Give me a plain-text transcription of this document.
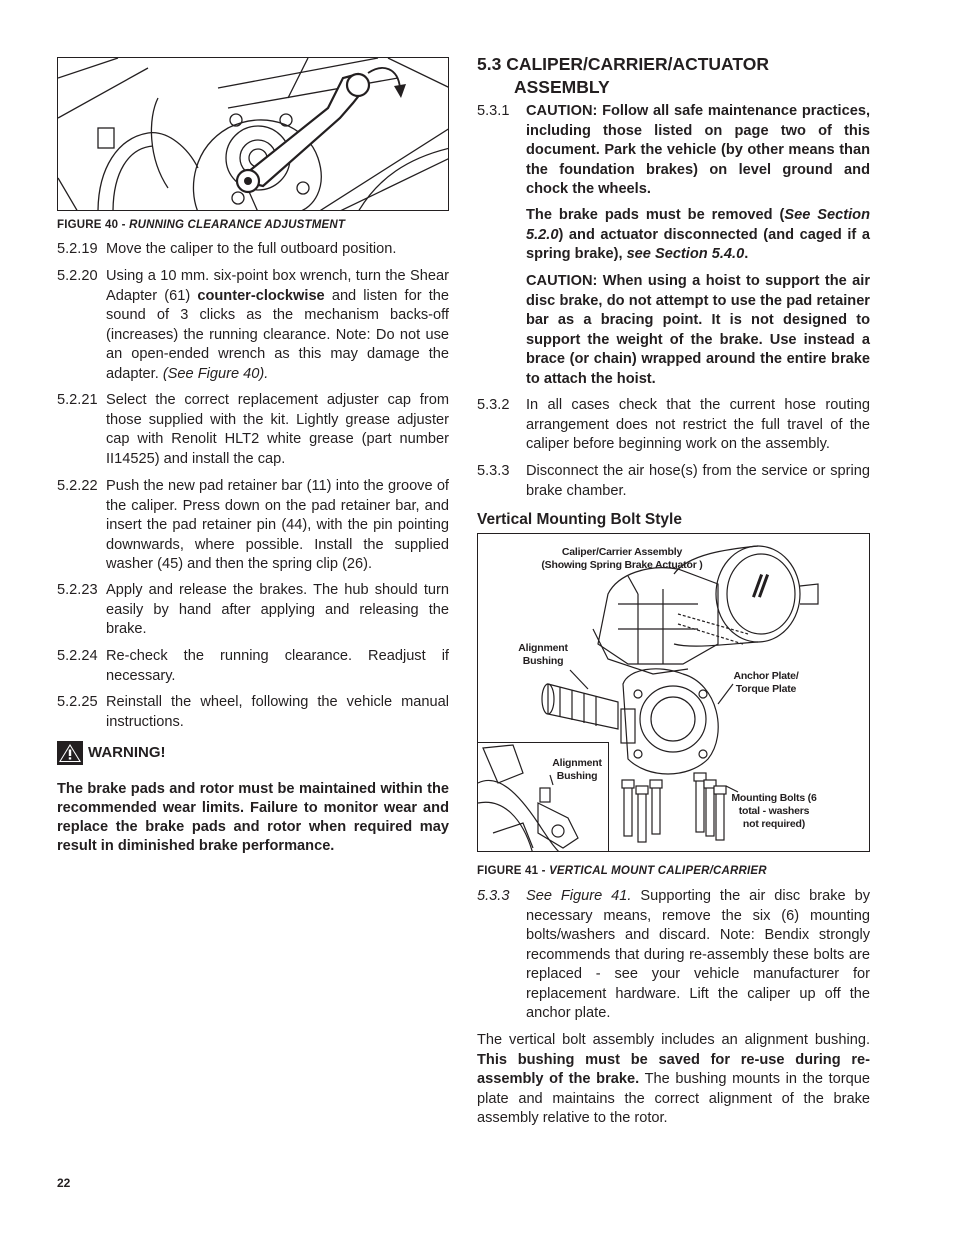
FIGURE 40 - RUNNING CLEARANCE ADJUSTMENT
5.2.19 Move the caliper to the full outboard position.
5.2.20 Using a 10 mm. six-point box wrench, turn the Shear Adapter (61) counter-clockwise and listen for the sound of 3 clicks as the mechanism backs-off (increases) the running clearance. Note: Do not use an open-ended wrench as this may damage the adapter. (See Figure 40).
5.2.21 Select the correct replacement adjuster cap from those supplied with the kit. Lightly grease adjuster cap with Renolit HLT2 white grease (part number II14525) and install the cap.
5.2.22 Push the new pad retainer bar (11) into the groove of the caliper. Press down on the pad retainer bar, and insert the pad retainer pin (44), with the pin pointing downwards, where possible. Install the supplied washer (45) and then the spring clip (26).
5.2.23 Apply and release the brakes. The hub should turn easily by hand after applying and releasing the brake.
5.2.24 Re-check the running clearance. Readjust if necessary.
5.2.25 Reinstall the wheel, following the vehicle manual instructions.
WARNING!
The brake pads and rotor must be maintained within the recommended wear limits. Failure to monitor wear and replace the brake pads and rotor when required may result in diminished brake performance.
5.3 CALIPER/CARRIER/ACTUATOR
ASSEMBLY
5.3.1	CAUTION: Follow all safe maintenance practices, including those listed on page two of this document. Park the vehicle (by other means than the foundation brakes) on level ground and chock the wheels.
The brake pads must be removed (See Section 5.2.0) and actuator disconnected (and caged if a spring brake), see Section 5.4.0.
CAUTION: When using a hoist to support the air disc brake, do not attempt to use the pad retainer bar as a bracing point. It is not designed to support the weight of the brake. Use instead a brace (or chain) wrapped around the entire brake to attach the hoist.
5.3.2	In all cases check that the current hose routing arrangement does not restrict the full travel of the caliper before beginning work on the assembly.
5.3.3	Disconnect the air hose(s) from the service or spring brake chamber.
Vertical Mounting Bolt Style
Caliper/Carrier Assembly (Showing Spring Brake Actuator )
Alignment Bushing
Anchor Plate/ Torque Plate
Mounting Bolts (6 total - washers not required)
Alignment Bushing
FIGURE 41 - VERTICAL MOUNT CALIPER/CARRIER
5.3.3	See Figure 41. Supporting the air disc brake by necessary means, remove the six (6) mounting bolts/washers and discard. Note: Bendix strongly recommends that during re-assembly these bolts are replaced - see your vehicle manufacturer for replacement hardware. Lift the caliper up off the anchor plate.
The vertical bolt assembly includes an alignment bushing. This bushing must be saved for re-use during re-assembly of the brake. The bushing mounts in the torque plate and maintains the correct alignment of the brake assembly relative to the rotor.
22
